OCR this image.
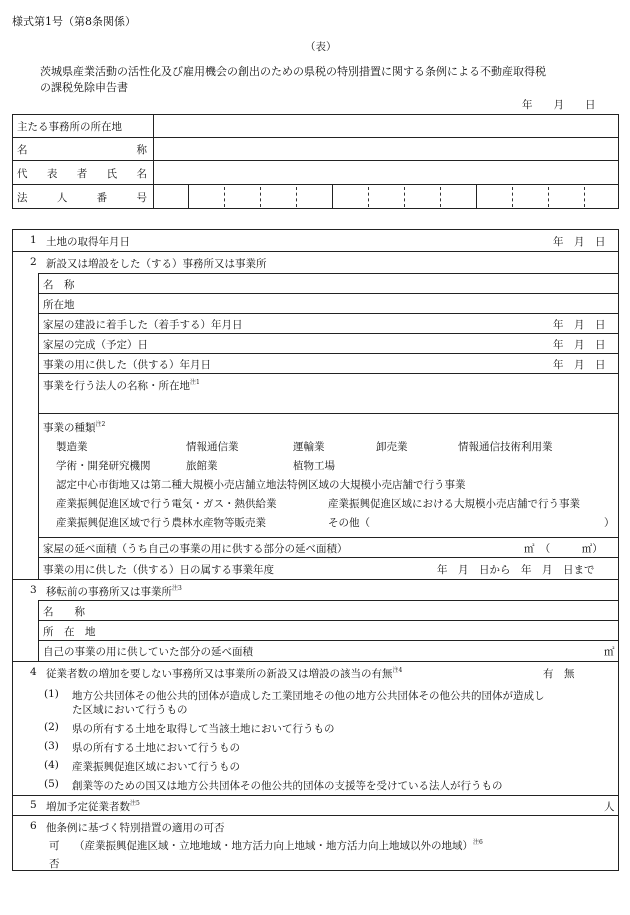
様式第1号（第8条関係）
（表）
茨城県産業活動の活性化及び雇用機会の創出のための県税の特別措置に関する条例による不動産取得税
の課税免除申告書
年　　月　　日
主たる事務所の所在地
名	称
代 表 者 氏 名
法	人	番	号
1 土地の取得年月日	年　月　日
2 新設又は増設をした（する）事務所又は事業所
名　称
所在地
家屋の建設に着手した（着手する）年月日	年　月　日
家屋の完成（予定）日	年　月　日
事業の用に供した（供する）年月日	年　月　日
事業を行う法人の名称・所在地$^{注1}$
事業の種類$^{注2}$
製造業	情報通信業	運輸業	卸売業	情報通信技術利用業
学術・開発研究機関	旅館業	植物工場
認定中心市街地又は第二種大規模小売店舗立地法特例区域の大規模小売店舗で行う事業
産業振興促進区域で行う電気・ガス・熱供給業	産業振興促進区域における大規模小売店舗で行う事業
産業振興促進区域で行う農林水産物等販売業	その他（	）
家屋の延べ面積（うち自己の事業の用に供する部分の延べ面積）	㎡　（　　　㎡）
事業の用に供した（供する）日の属する事業年度	年　月　日から　年　月　日まで
3 移転前の事務所又は事業所$^{注3}$
名　　称
所　在　地
自己の事業の用に供していた部分の延べ面積	㎡
4 従業者数の増加を要しない事務所又は事業所の新設又は増設の該当の有無$^{注4}$	有　無
(1) 地方公共団体その他公共的団体が造成した工業団地その他の地方公共団体その他公共的団体が造成し
た区域において行うもの
(2) 県の所有する土地を取得して当該土地において行うもの
(3) 県の所有する土地において行うもの
(4) 産業振興促進区域において行うもの
(5) 創業等のための国又は地方公共団体その他公共的団体の支援等を受けている法人が行うもの
5 増加予定従業者数$^{注5}$	人
6 他条例に基づく特別措置の適用の可否
可 （産業振興促進区域・立地地域・地方活力向上地域・地方活力向上地域以外の地域）$^{注6}$
否
